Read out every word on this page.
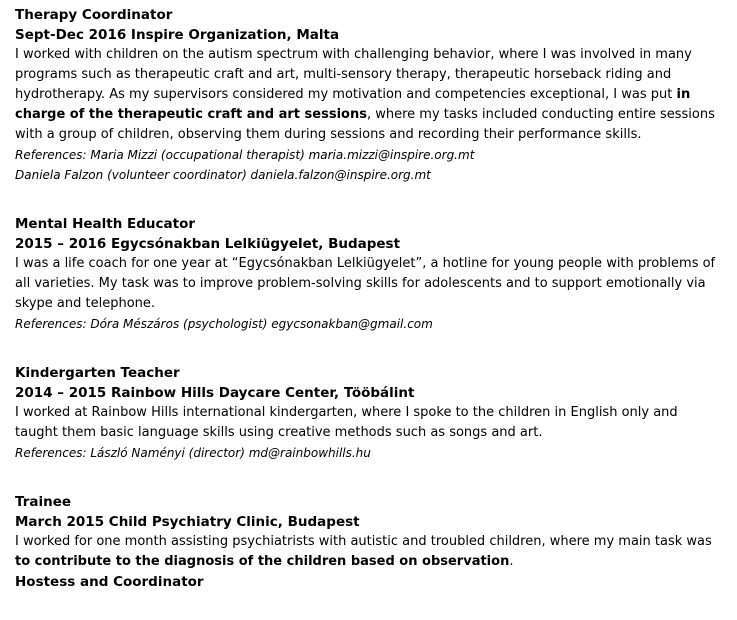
Therapy Coordinator
Sept-Dec 2016 Inspire Organization, Malta

I worked with children on the autism spectrum with challenging behavior, where I was involved in many programs such as therapeutic craft and art, multi-sensory therapy, therapeutic horseback riding and hydrotherapy. As my supervisors considered my motivation and competencies exceptional, I was put in charge of the therapeutic craft and art sessions, where my tasks included conducting entire sessions with a group of children, observing them during sessions and recording their performance skills.

References: Maria Mizzi (occupational therapist) maria.mizzi@inspire.org.mt
Daniela Falzon (volunteer coordinator) daniela.falzon@inspire.org.mt
Mental Health Educator
2015 – 2016 Egycsónakban Lelkiügyelet, Budapest

I was a life coach for one year at “Egycsónakban Lelkiügyelet”, a hotline for young people with problems of all varieties. My task was to improve problem-solving skills for adolescents and to support emotionally via skype and telephone.

References: Dóra Mészáros (psychologist) egycsonakban@gmail.com
Kindergarten Teacher
2014 – 2015 Rainbow Hills Daycare Center, Tööbálint

I worked at Rainbow Hills international kindergarten, where I spoke to the children in English only and taught them basic language skills using creative methods such as songs and art.

References: László Naményi (director) md@rainbowhills.hu
Trainee
March 2015 Child Psychiatry Clinic, Budapest

I worked for one month assisting psychiatrists with autistic and troubled children, where my main task was to contribute to the diagnosis of the children based on observation.

Hostess and Coordinator
